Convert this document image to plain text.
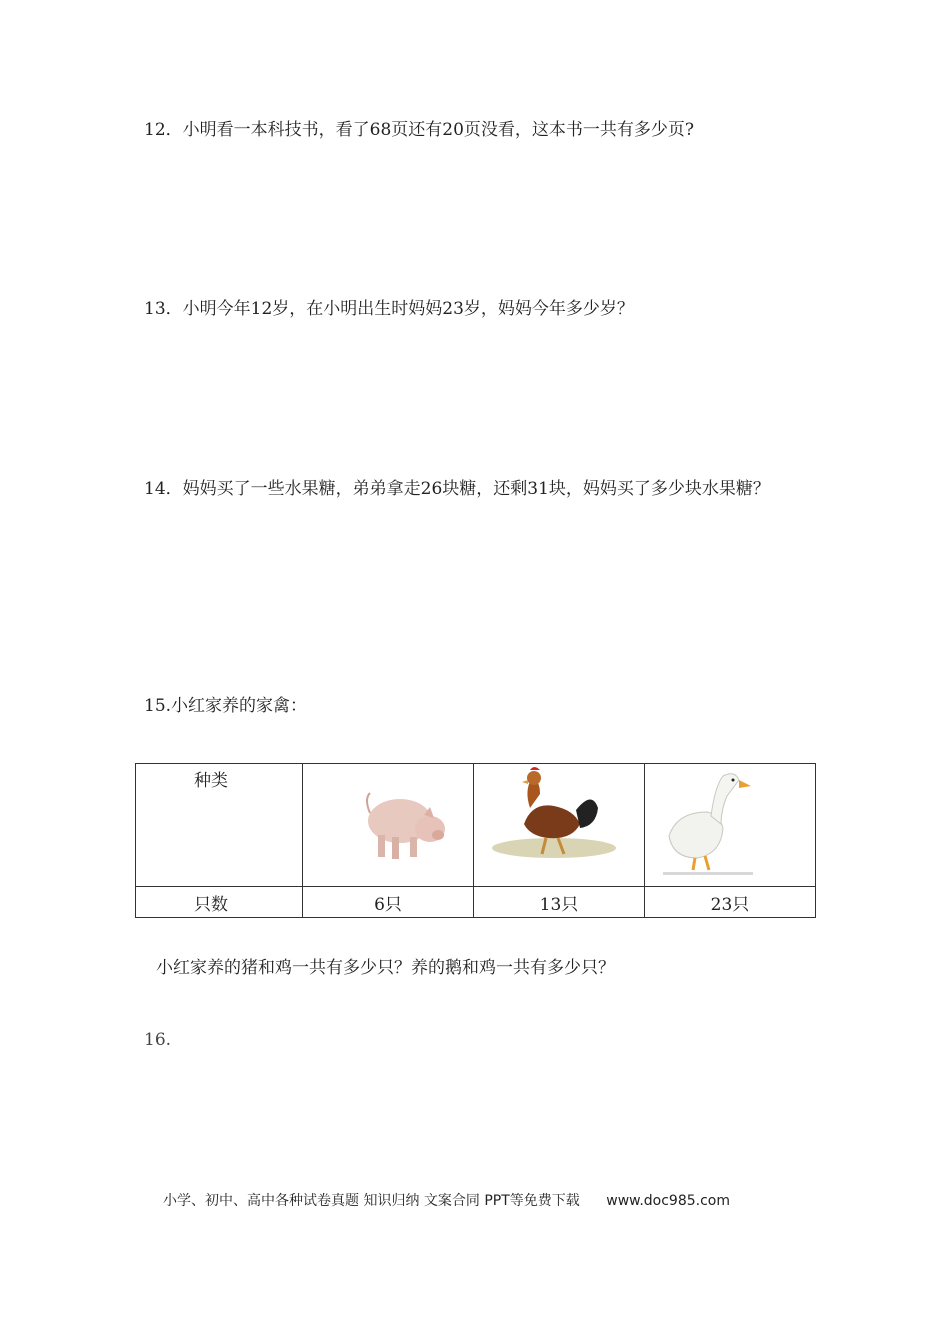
12．小明看一本科技书，看了68页还有20页没看，这本书一共有多少页?
13．小明今年12岁，在小明出生时妈妈23岁，妈妈今年多少岁？
14．妈妈买了一些水果糖，弟弟拿走26块糖，还剩31块，妈妈买了多少块水果糖？
15.小红家养的家禽：
种类	

只数	6只	13只	23只
小红家养的猪和鸡一共有多少只？养的鹅和鸡一共有多少只？
16.
小学、初中、高中各种试卷真题 知识归纳 文案合同 PPT等免费下载 www.doc985.com
